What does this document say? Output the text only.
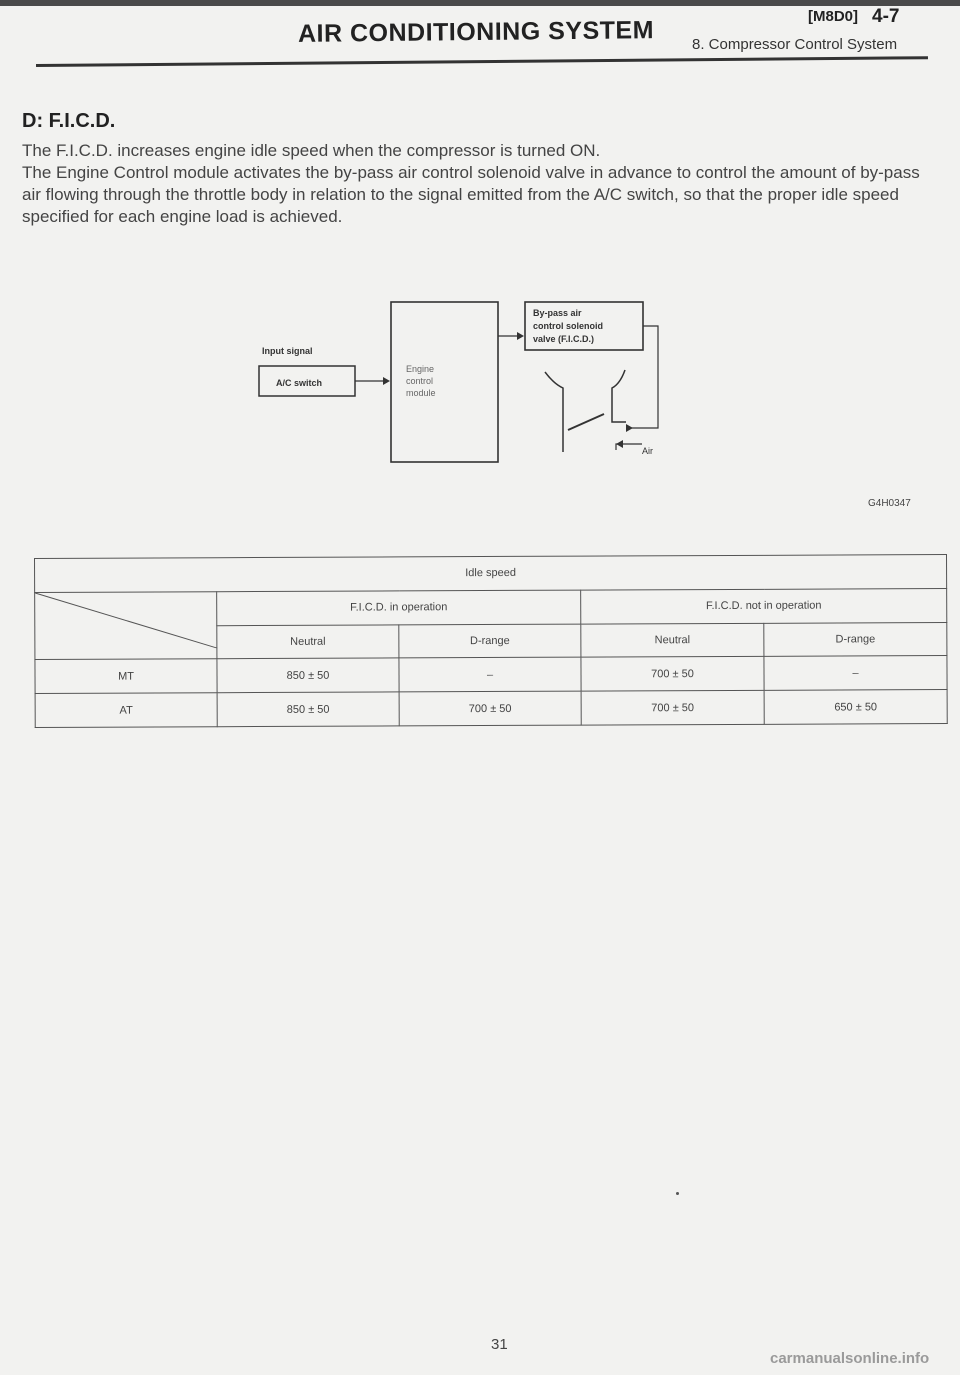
AIR CONDITIONING SYSTEM	[M8D0] 4-7
8. Compressor Control System
D: F.I.C.D.
The F.I.C.D. increases engine idle speed when the compressor is turned ON.
The Engine Control module activates the by-pass air control solenoid valve in advance to control the amount of by-pass air flowing through the throttle body in relation to the signal emitted from the A/C switch, so that the proper idle speed specified for each engine load is achieved.
Input signal
A/C switch
Engine
control
module
By-pass air
control solenoid
valve (F.I.C.D.)
Air
G4H0347
Idle speed				

	F.I.C.D. in operation		F.I.C.D. not in operation	
	Neutral	D-range	Neutral	D-range
MT	850 ± 50	–	700 ± 50	–
AT	850 ± 50	700 ± 50	700 ± 50	650 ± 50
31
carmanualsonline.info
